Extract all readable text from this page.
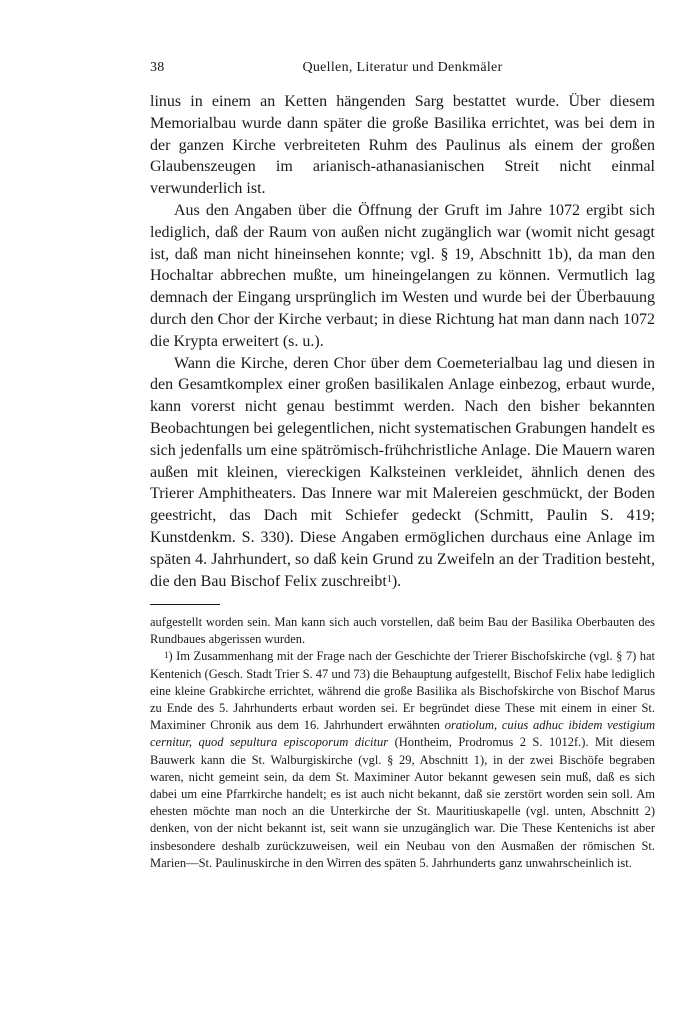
38	Quellen, Literatur und Denkmäler

linus in einem an Ketten hängenden Sarg bestattet wurde. Über diesem Memorialbau wurde dann später die große Basilika errichtet, was bei dem in der ganzen Kirche verbreiteten Ruhm des Paulinus als einem der großen Glaubenszeugen im arianisch-athanasianischen Streit nicht einmal verwunderlich ist.

Aus den Angaben über die Öffnung der Gruft im Jahre 1072 ergibt sich lediglich, daß der Raum von außen nicht zugänglich war (womit nicht gesagt ist, daß man nicht hineinsehen konnte; vgl. § 19, Abschnitt 1b), da man den Hochaltar abbrechen mußte, um hineingelangen zu können. Vermutlich lag demnach der Eingang ursprünglich im Westen und wurde bei der Überbauung durch den Chor der Kirche verbaut; in diese Richtung hat man dann nach 1072 die Krypta erweitert (s. u.).

Wann die Kirche, deren Chor über dem Coemeterialbau lag und diesen in den Gesamtkomplex einer großen basilikalen Anlage einbezog, erbaut wurde, kann vorerst nicht genau bestimmt werden. Nach den bisher bekannten Beobachtungen bei gelegentlichen, nicht systematischen Grabungen handelt es sich jedenfalls um eine spätrömisch-frühchristliche Anlage. Die Mauern waren außen mit kleinen, viereckigen Kalksteinen verkleidet, ähnlich denen des Trierer Amphitheaters. Das Innere war mit Malereien geschmückt, der Boden geestricht, das Dach mit Schiefer gedeckt (Schmitt, Paulin S. 419; Kunstdenkm. S. 330). Diese Angaben ermöglichen durchaus eine Anlage im späten 4. Jahrhundert, so daß kein Grund zu Zweifeln an der Tradition besteht, die den Bau Bischof Felix zuschreibt$^1$).

aufgestellt worden sein. Man kann sich auch vorstellen, daß beim Bau der Basilika Oberbauten des Rundbaues abgerissen wurden.

$^1$) Im Zusammenhang mit der Frage nach der Geschichte der Trierer Bischofskirche (vgl. § 7) hat Kentenich (Gesch. Stadt Trier S. 47 und 73) die Behauptung aufgestellt, Bischof Felix habe lediglich eine kleine Grabkirche errichtet, während die große Basilika als Bischofskirche von Bischof Marus zu Ende des 5. Jahrhunderts erbaut worden sei. Er begründet diese These mit einem in einer St. Maximiner Chronik aus dem 16. Jahrhundert erwähnten oratiolum, cuius adhuc ibidem vestigium cernitur, quod sepultura episcoporum dicitur (Hontheim, Prodromus 2 S. 1012f.). Mit diesem Bauwerk kann die St. Walburgiskirche (vgl. § 29, Abschnitt 1), in der zwei Bischöfe begraben waren, nicht gemeint sein, da dem St. Maximiner Autor bekannt gewesen sein muß, daß es sich dabei um eine Pfarrkirche handelt; es ist auch nicht bekannt, daß sie zerstört worden sein soll. Am ehesten möchte man noch an die Unterkirche der St. Mauritiuskapelle (vgl. unten, Abschnitt 2) denken, von der nicht bekannt ist, seit wann sie unzugänglich war. Die These Kentenichs ist aber insbesondere deshalb zurückzuweisen, weil ein Neubau von den Ausmaßen der römischen St. Marien—St. Paulinuskirche in den Wirren des späten 5. Jahrhunderts ganz unwahrscheinlich ist.
